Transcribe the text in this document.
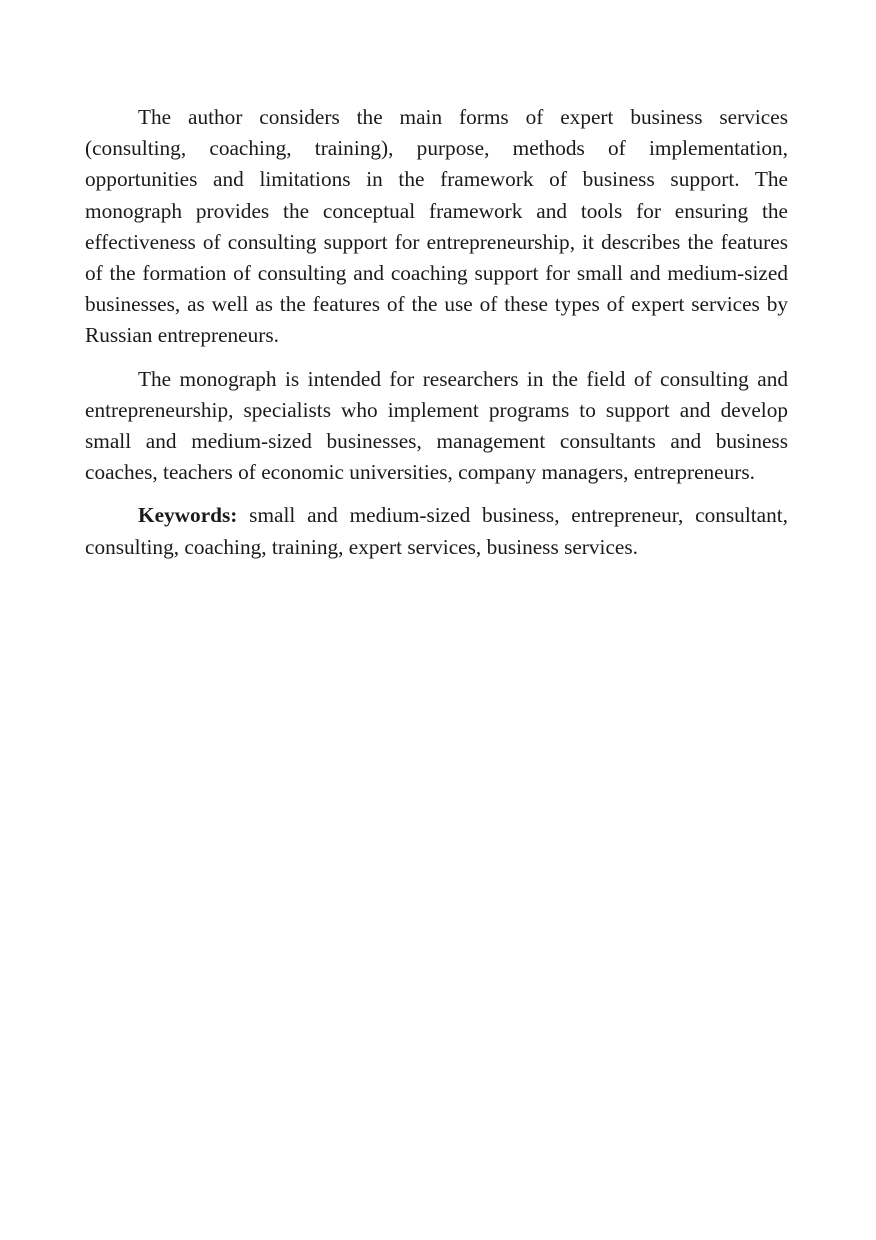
The author considers the main forms of expert business services (consulting, coaching, training), purpose, methods of implementation, opportunities and limitations in the framework of business support. The monograph provides the conceptual framework and tools for ensuring the effectiveness of consulting support for entrepreneurship, it describes the features of the formation of consulting and coaching support for small and medium-sized businesses, as well as the features of the use of these types of expert services by Russian entrepreneurs.

The monograph is intended for researchers in the field of consulting and entrepreneurship, specialists who implement programs to support and develop small and medium-sized businesses, management consultants and business coaches, teachers of economic universities, company managers, entrepreneurs.

Keywords: small and medium-sized business, entrepreneur, consultant, consulting, coaching, training, expert services, business services.
